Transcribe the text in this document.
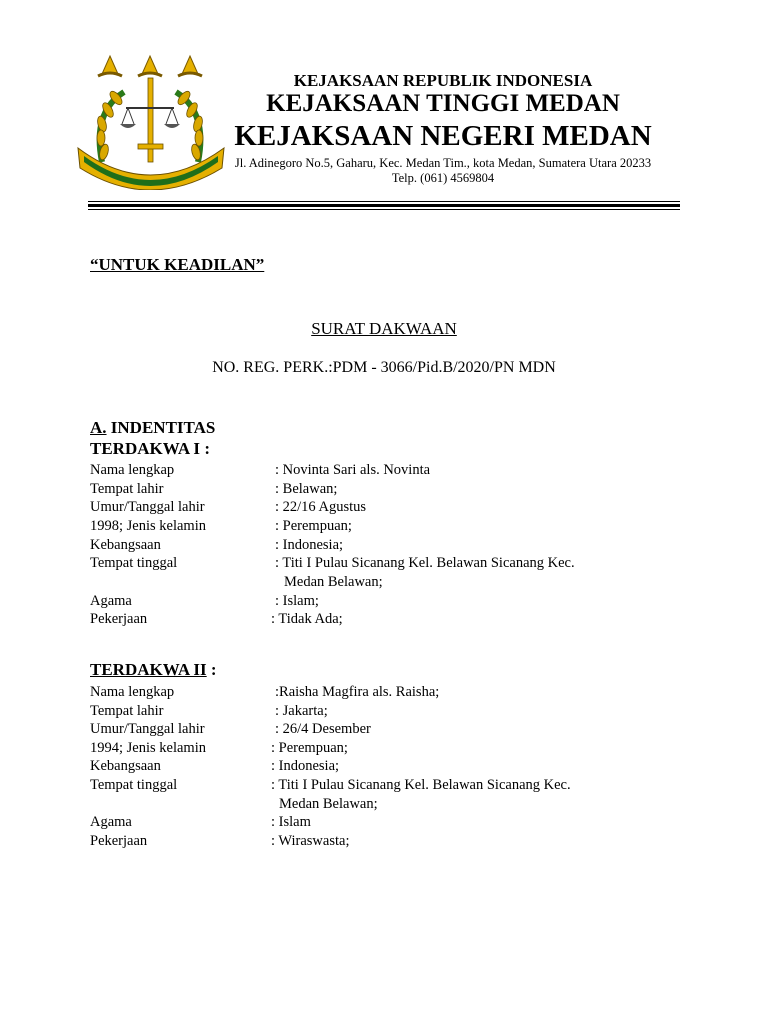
KEJAKSAAN REPUBLIK INDONESIA
KEJAKSAAN TINGGI MEDAN
KEJAKSAAN NEGERI MEDAN
Jl. Adinegoro No.5, Gaharu, Kec. Medan Tim., kota Medan, Sumatera Utara 20233
Telp. (061) 4569804
“UNTUK KEADILAN”
SURAT DAKWAAN
NO. REG. PERK.:PDM - 3066/Pid.B/2020/PN MDN
A. INDENTITAS
TERDAKWA I :
Nama lengkap	: Novinta Sari als. Novinta
Tempat lahir	: Belawan;
Umur/Tanggal lahir	: 22/16 Agustus
1998; Jenis kelamin	: Perempuan;
Kebangsaan	: Indonesia;
Tempat tinggal	: Titi I Pulau Sicanang Kel. Belawan Sicanang Kec.
Medan Belawan;
Agama	: Islam;
Pekerjaan	: Tidak Ada;
TERDAKWA II :
Nama lengkap	:Raisha Magfira als. Raisha;
Tempat lahir	: Jakarta;
Umur/Tanggal lahir	: 26/4 Desember
1994; Jenis kelamin	: Perempuan;
Kebangsaan	: Indonesia;
Tempat tinggal	: Titi I Pulau Sicanang Kel. Belawan Sicanang Kec.
Medan Belawan;
Agama	: Islam
Pekerjaan	: Wiraswasta;
